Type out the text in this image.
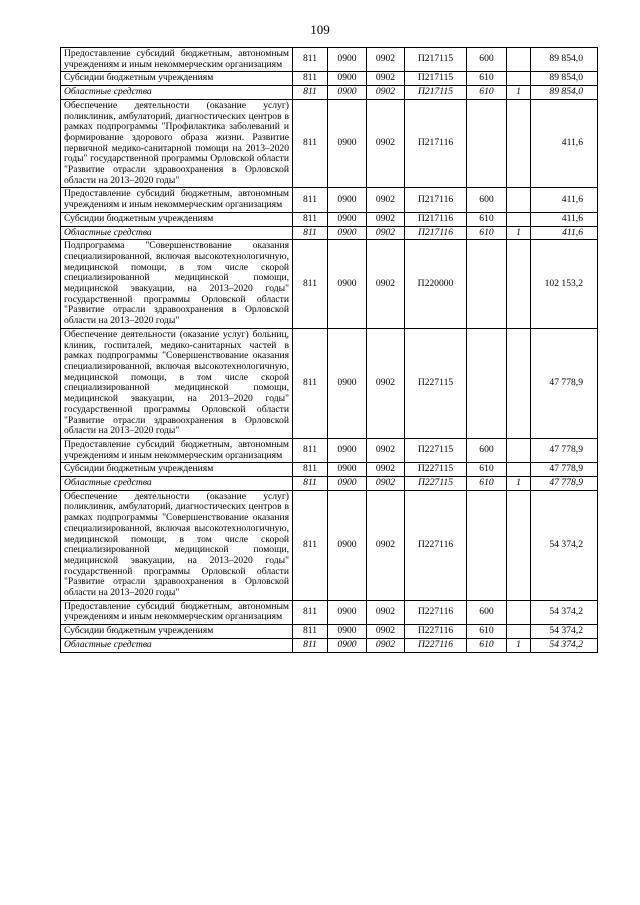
109
Предоставление субсидий бюджетным, автономным учреждениям и иным некоммерческим организациям	811	0900	0902	П217115	600		89 854,0
Субсидии бюджетным учреждениям	811	0900	0902	П217115	610		89 854,0
Областные средства	811	0900	0902	П217115	610	1	89 854,0
Обеспечение деятельности (оказание услуг) поликлиник, амбулаторий, диагностических центров в рамках подпрограммы "Профилактика заболеваний и формирование здорового образа жизни. Развитие первичной медико-санитарной помощи на 2013–2020 годы" государственной программы Орловской области "Развитие отрасли здравоохранения в Орловской области на 2013–2020 годы"	811	0900	0902	П217116			411,6
Предоставление субсидий бюджетным, автономным учреждениям и иным некоммерческим организациям	811	0900	0902	П217116	600		411,6
Субсидии бюджетным учреждениям	811	0900	0902	П217116	610		411,6
Областные средства	811	0900	0902	П217116	610	1	411,6
Подпрограмма "Совершенствование оказания специализированной, включая высокотехнологичную, медицинской помощи, в том числе скорой специализированной медицинской помощи, медицинской эвакуации, на 2013–2020 годы" государственной программы Орловской области "Развитие отрасли здравоохранения в Орловской области на 2013–2020 годы"	811	0900	0902	П220000			102 153,2
Обеспечение деятельности (оказание услуг) больниц, клиник, госпиталей, медико-санитарных частей в рамках подпрограммы "Совершенствование оказания специализированной, включая высокотехнологичную, медицинской помощи, в том числе скорой специализированной медицинской помощи, медицинской эвакуации, на 2013–2020 годы" государственной программы Орловской области "Развитие отрасли здравоохранения в Орловской области на 2013–2020 годы"	811	0900	0902	П227115			47 778,9
Предоставление субсидий бюджетным, автономным учреждениям и иным некоммерческим организациям	811	0900	0902	П227115	600		47 778,9
Субсидии бюджетным учреждениям	811	0900	0902	П227115	610		47 778,9
Областные средства	811	0900	0902	П227115	610	1	47 778,9
Обеспечение деятельности (оказание услуг) поликлиник, амбулаторий, диагностических центров в рамках подпрограммы "Совершенствование оказания специализированной, включая высокотехнологичную, медицинской помощи, в том числе скорой специализированной медицинской помощи, медицинской эвакуации, на 2013–2020 годы" государственной программы Орловской области "Развитие отрасли здравоохранения в Орловской области на 2013–2020 годы"	811	0900	0902	П227116			54 374,2
Предоставление субсидий бюджетным, автономным учреждениям и иным некоммерческим организациям	811	0900	0902	П227116	600		54 374,2
Субсидии бюджетным учреждениям	811	0900	0902	П227116	610		54 374,2
Областные средства	811	0900	0902	П227116	610	1	54 374,2
